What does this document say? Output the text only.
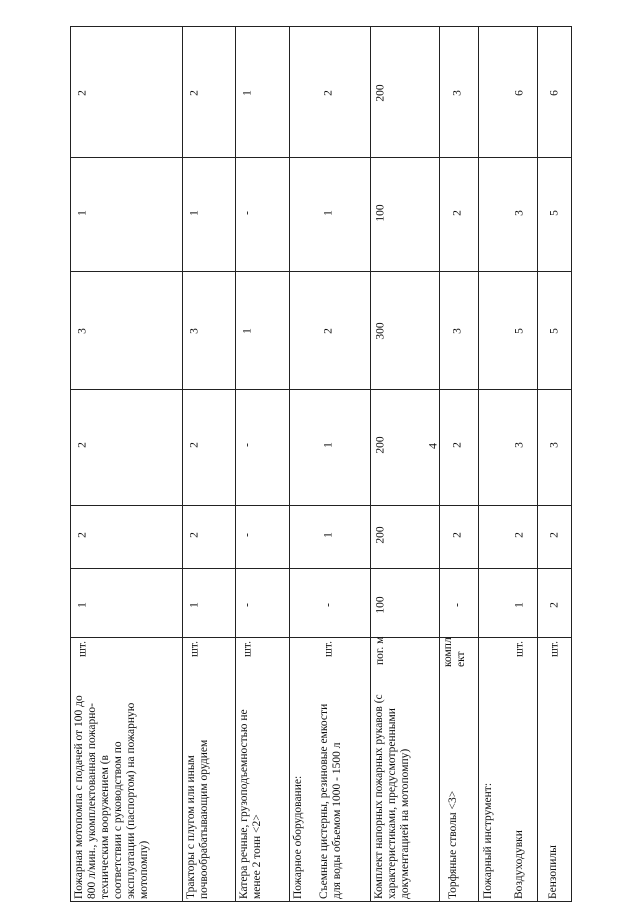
4
Пожарная мотопомпа с подачей от 100 до 800 л/мин., укомплектованная пожарно-техническим вооружением (в соответствии с руководством по эксплуатации (паспортом) на пожарную мотопомпу)
шт.
1
2
2
3
1
2
Тракторы с плугом или иным почвообрабатывающим орудием
шт.
1
2
2
3
1
2
Катера речные, грузоподъемностью не менее 2 тонн <2>
шт.
-
-
-
1
-
1
Пожарное оборудование: Съемные цистерны, резиновые емкости для воды объемом 1000 - 1500 л
шт.
-
1
1
2
1
2
Комплект напорных пожарных рукавов (с характеристиками, предусмотренными документацией на мотопомпу)
пог. м
100
200
200
300
100
200
Торфяные стволы <3>
комплект
-
2
2
3
2
3
Пожарный инструмент: Воздуходувки
шт.
1
2
3
5
3
6
Бензопилы
шт.
2
2
3
5
5
6
